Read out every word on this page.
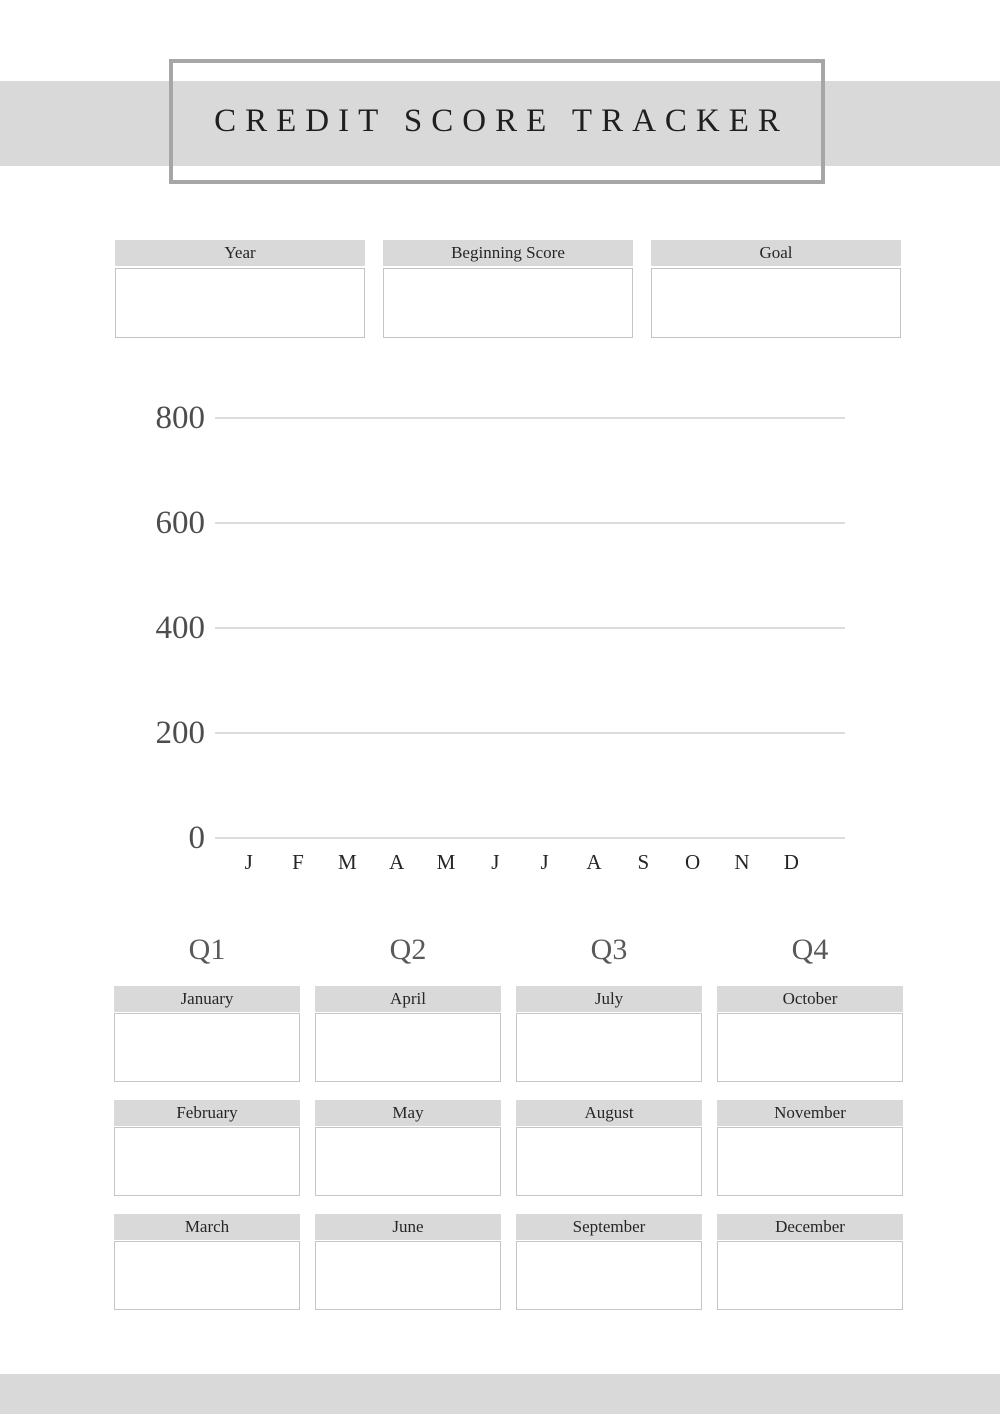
CREDIT SCORE TRACKER
Year	Beginning Score	Goal
800
600
400
200
0
J	F	M	A	M	J	J	A	S	O	N	D
Q1	Q2	Q3	Q4
January	April	July	October
February	May	August	November
March	June	September	December
